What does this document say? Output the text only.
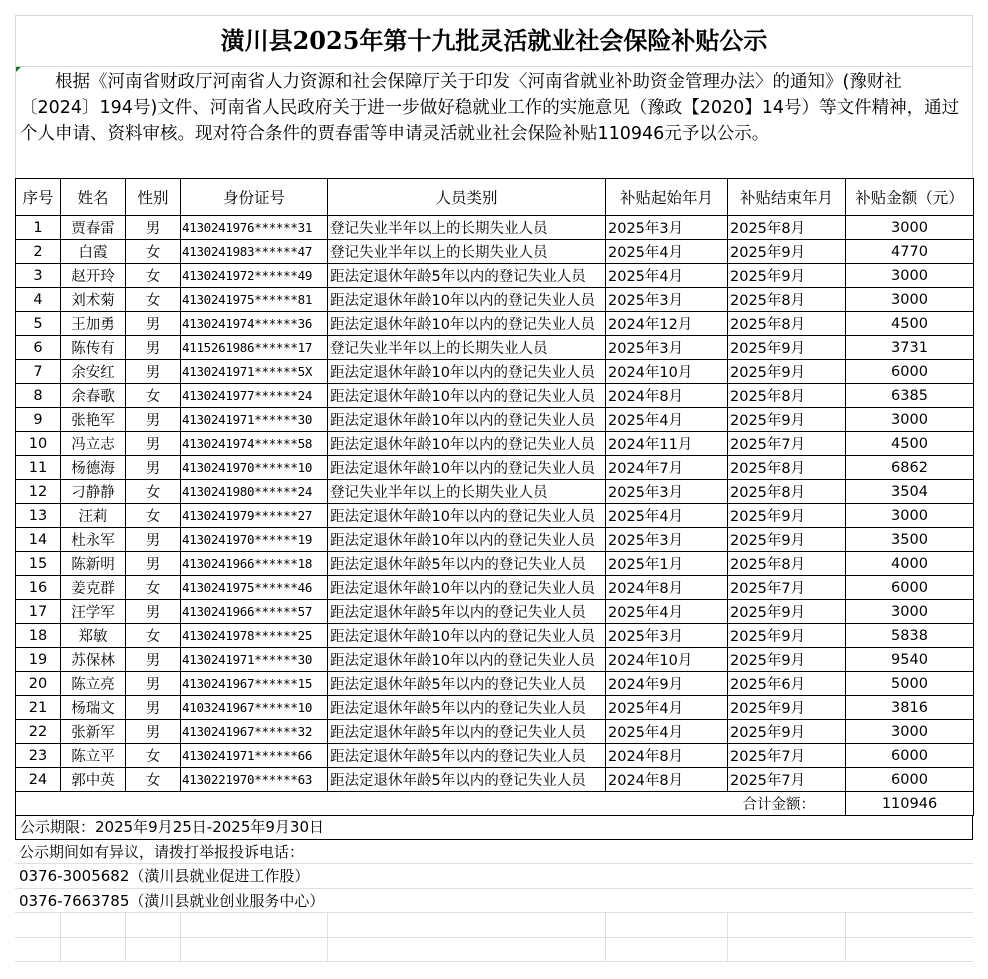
潢川县2025年第十九批灵活就业社会保险补贴公示
根据《河南省财政厅河南省人力资源和社会保障厅关于印发〈河南省就业补助资金管理办法〉的通知》(豫财社〔2024〕194号)文件、河南省人民政府关于进一步做好稳就业工作的实施意见（豫政【2020】14号）等文件精神，通过个人申请、资料审核。现对符合条件的贾春雷等申请灵活就业社会保险补贴110946元予以公示。
序号	姓名	性别	身份证号	人员类别	补贴起始年月	补贴结束年月	补贴金额（元）
1	贾春雷	男	4130241976******31	登记失业半年以上的长期失业人员	2025年3月	2025年8月	3000
2	白霞	女	4130241983******47	登记失业半年以上的长期失业人员	2025年4月	2025年9月	4770
3	赵开玲	女	4130241972******49	距法定退休年龄5年以内的登记失业人员	2025年4月	2025年9月	3000
4	刘术菊	女	4130241975******81	距法定退休年龄10年以内的登记失业人员	2025年3月	2025年8月	3000
5	王加勇	男	4130241974******36	距法定退休年龄10年以内的登记失业人员	2024年12月	2025年8月	4500
6	陈传有	男	4115261986******17	登记失业半年以上的长期失业人员	2025年3月	2025年9月	3731
7	余安红	男	4130241971******5X	距法定退休年龄10年以内的登记失业人员	2024年10月	2025年9月	6000
8	余春歌	女	4130241977******24	距法定退休年龄10年以内的登记失业人员	2024年8月	2025年8月	6385
9	张艳军	男	4130241971******30	距法定退休年龄10年以内的登记失业人员	2025年4月	2025年9月	3000
10	冯立志	男	4130241974******58	距法定退休年龄10年以内的登记失业人员	2024年11月	2025年7月	4500
11	杨德海	男	4130241970******10	距法定退休年龄10年以内的登记失业人员	2024年7月	2025年8月	6862
12	刁静静	女	4130241980******24	登记失业半年以上的长期失业人员	2025年3月	2025年8月	3504
13	汪莉	女	4130241979******27	距法定退休年龄10年以内的登记失业人员	2025年4月	2025年9月	3000
14	杜永军	男	4130241970******19	距法定退休年龄10年以内的登记失业人员	2025年3月	2025年9月	3500
15	陈新明	男	4130241966******18	距法定退休年龄5年以内的登记失业人员	2025年1月	2025年8月	4000
16	姜克群	女	4130241975******46	距法定退休年龄10年以内的登记失业人员	2024年8月	2025年7月	6000
17	汪学军	男	4130241966******57	距法定退休年龄5年以内的登记失业人员	2025年4月	2025年9月	3000
18	郑敏	女	4130241978******25	距法定退休年龄10年以内的登记失业人员	2025年3月	2025年9月	5838
19	苏保林	男	4130241971******30	距法定退休年龄10年以内的登记失业人员	2024年10月	2025年9月	9540
20	陈立亮	男	4130241967******15	距法定退休年龄5年以内的登记失业人员	2024年9月	2025年6月	5000
21	杨瑞文	男	4103241967******10	距法定退休年龄5年以内的登记失业人员	2025年4月	2025年9月	3816
22	张新军	男	4130241967******32	距法定退休年龄5年以内的登记失业人员	2025年4月	2025年9月	3000
23	陈立平	女	4130241971******66	距法定退休年龄5年以内的登记失业人员	2024年8月	2025年7月	6000
24	郭中英	女	4130221970******63	距法定退休年龄5年以内的登记失业人员	2024年8月	2025年7月	6000
合计金额：							110946
公示期限：2025年9月25日-2025年9月30日
公示期间如有异议，请拨打举报投诉电话：
0376-3005682（潢川县就业促进工作股）
0376-7663785（潢川县就业创业服务中心）
